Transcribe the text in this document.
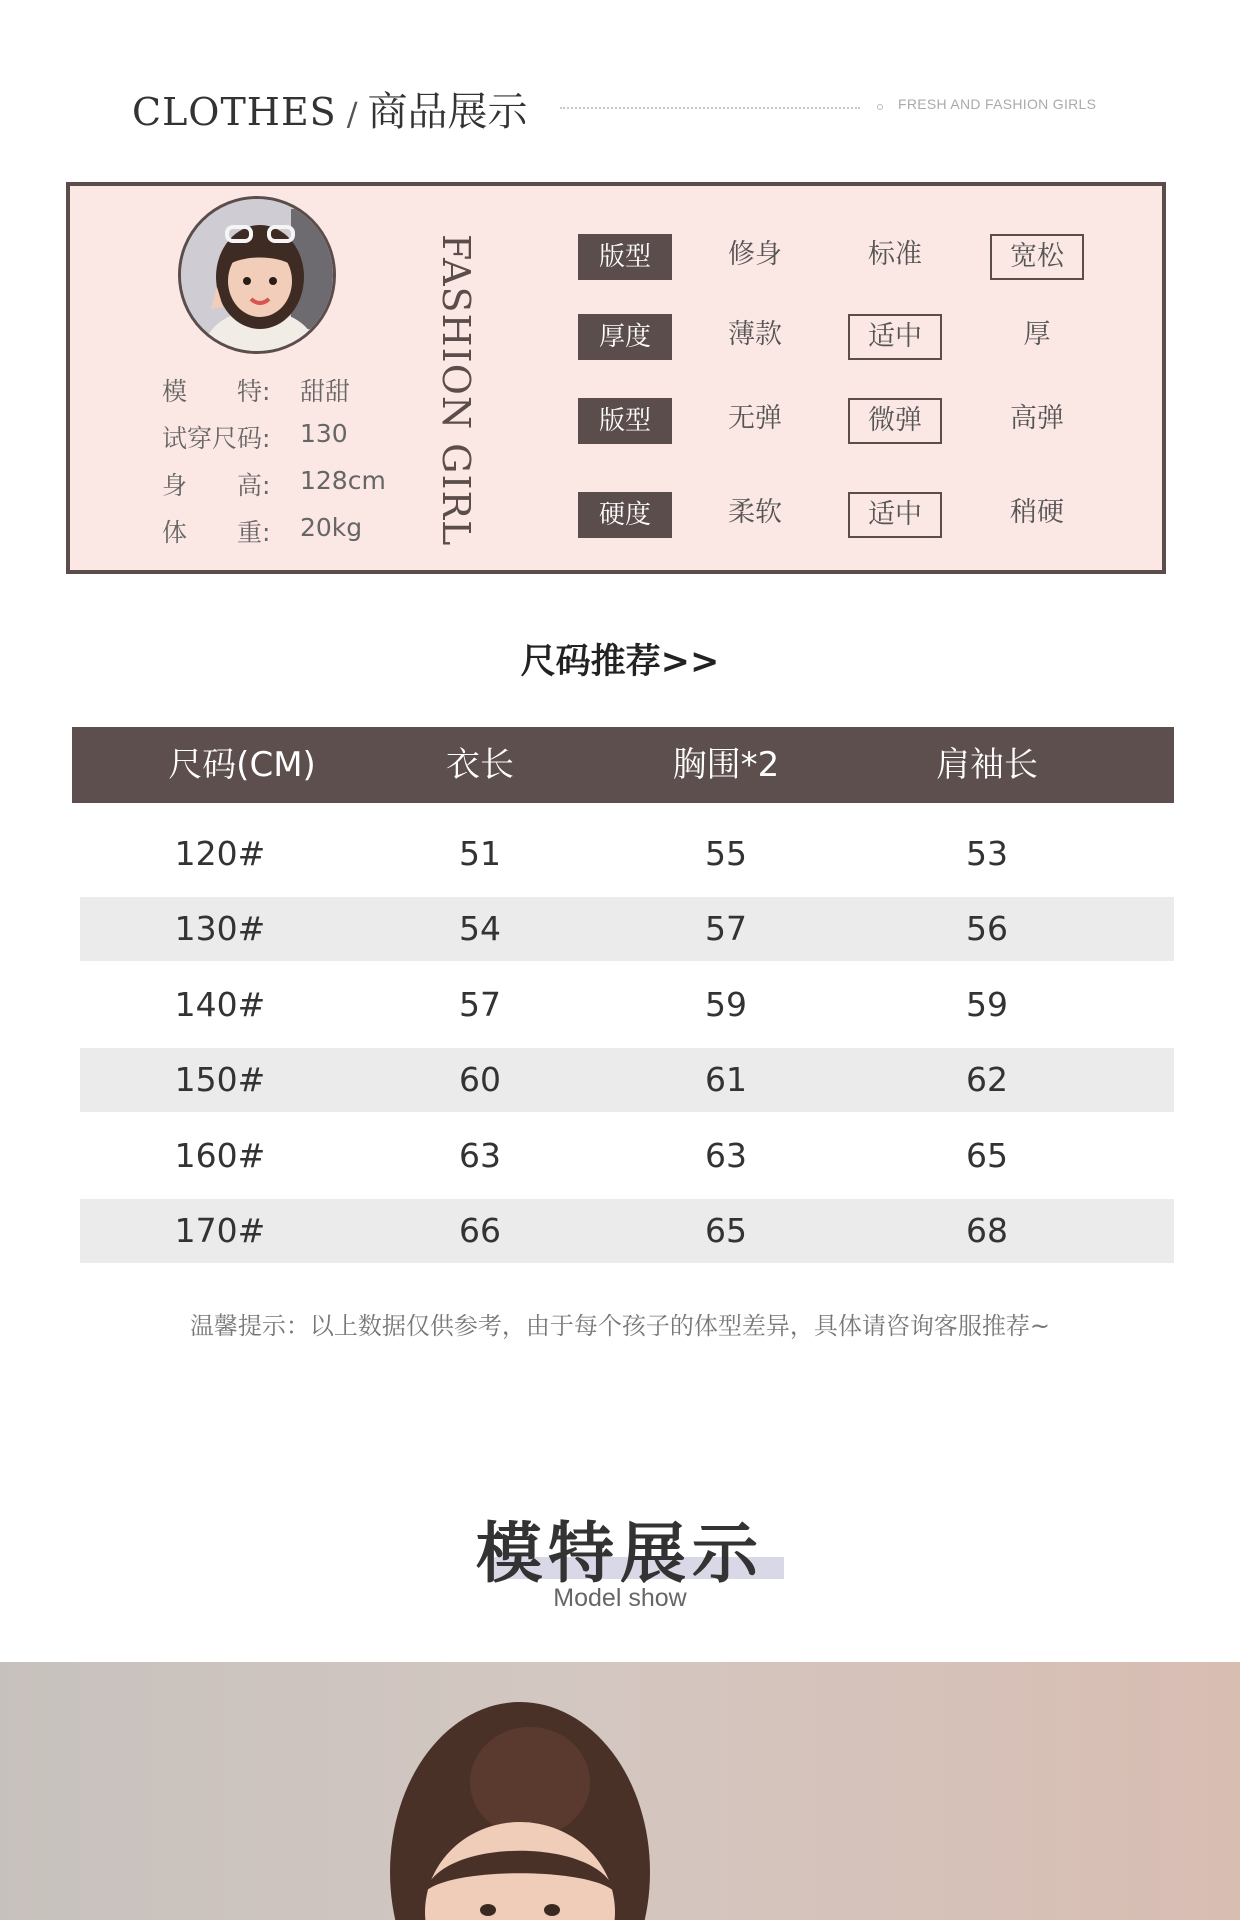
CLOTHES / 商品展示	FRESH AND FASHION GIRLS
模　　特: 甜甜
试穿尺码: 130
身　　高: 128cm
体　　重: 20kg FASHION GIRL	版型	修身	标准	宽松
厚度	薄款	适中	厚
版型	无弹	微弹	高弹
硬度	柔软	适中	稍硬
尺码推荐>>
尺码(CM)	衣长	胸围*2	肩袖长
120#	51	55	53
130#	54	57	56
140#	57	59	59
150#	60	61	62
160#	63	63	65
170#	66	65	68
温馨提示：以上数据仅供参考，由于每个孩子的体型差异，具体请咨询客服推荐~
模特展示
Model show
